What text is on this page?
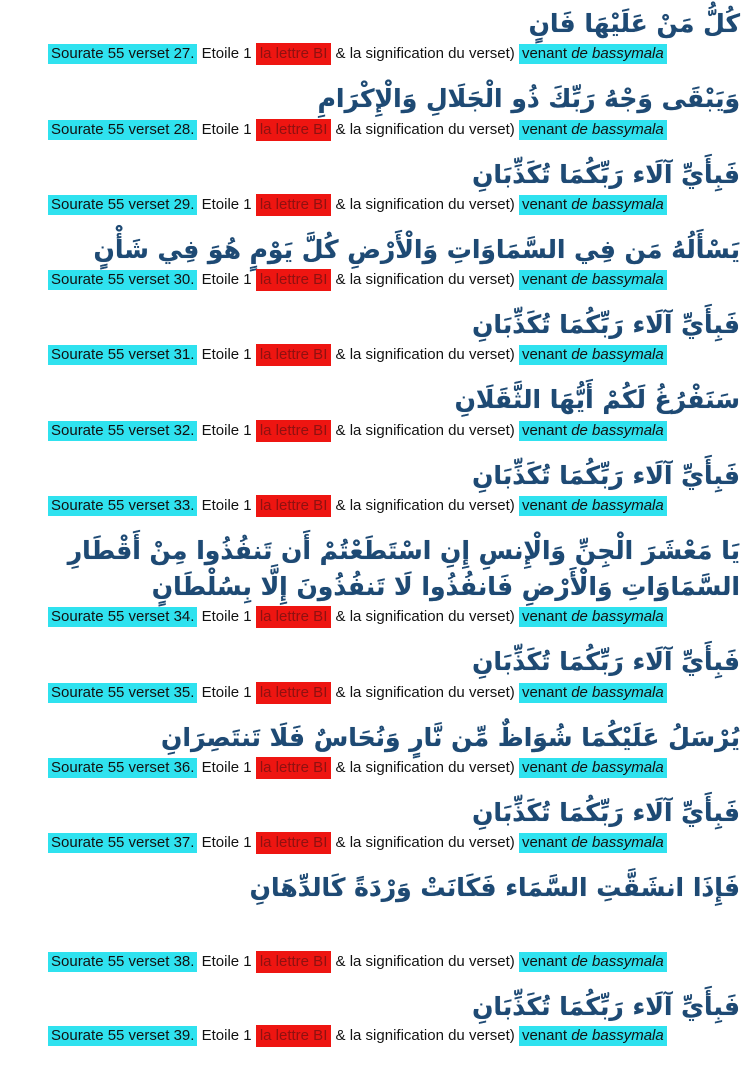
كُلُّ مَنْ عَلَيْهَا فَانٍ

Sourate 55 verset 27. Etoile 1 la lettre BI & la signification du verset) venant de bassymala

وَيَبْقَى وَجْهُ رَبِّكَ ذُو الْجَلَالِ وَالْإِكْرَامِ

Sourate 55 verset 28. Etoile 1 la lettre BI & la signification du verset) venant de bassymala

فَبِأَيِّ آلَاء رَبِّكُمَا تُكَذِّبَانِ

Sourate 55 verset 29. Etoile 1 la lettre BI & la signification du verset) venant de bassymala

يَسْأَلُهُ مَن فِي السَّمَاوَاتِ وَالْأَرْضِ كُلَّ يَوْمٍ هُوَ فِي شَأْنٍ

Sourate 55 verset 30. Etoile 1 la lettre BI & la signification du verset) venant de bassymala

فَبِأَيِّ آلَاء رَبِّكُمَا تُكَذِّبَانِ

Sourate 55 verset 31. Etoile 1 la lettre BI & la signification du verset) venant de bassymala

سَنَفْرُغُ لَكُمْ أَيُّهَا الثَّقَلَانِ

Sourate 55 verset 32. Etoile 1 la lettre BI & la signification du verset) venant de bassymala

فَبِأَيِّ آلَاء رَبِّكُمَا تُكَذِّبَانِ

Sourate 55 verset 33. Etoile 1 la lettre BI & la signification du verset) venant de bassymala

يَا مَعْشَرَ الْجِنِّ وَالْإِنسِ إِنِ اسْتَطَعْتُمْ أَن تَنفُذُوا مِنْ أَقْطَارِ السَّمَاوَاتِ وَالْأَرْضِ فَانفُذُوا لَا تَنفُذُونَ إِلَّا بِسُلْطَانٍ

Sourate 55 verset 34. Etoile 1 la lettre BI & la signification du verset) venant de bassymala

فَبِأَيِّ آلَاء رَبِّكُمَا تُكَذِّبَانِ

Sourate 55 verset 35. Etoile 1 la lettre BI & la signification du verset) venant de bassymala

يُرْسَلُ عَلَيْكُمَا شُوَاظٌ مِّن نَّارٍ وَنُحَاسٌ فَلَا تَنتَصِرَانِ

Sourate 55 verset 36. Etoile 1 la lettre BI & la signification du verset) venant de bassymala

فَبِأَيِّ آلَاء رَبِّكُمَا تُكَذِّبَانِ

Sourate 55 verset 37. Etoile 1 la lettre BI & la signification du verset) venant de bassymala

فَإِذَا انشَقَّتِ السَّمَاء فَكَانَتْ وَرْدَةً كَالدِّهَانِ

Sourate 55 verset 38. Etoile 1 la lettre BI & la signification du verset) venant de bassymala

فَبِأَيِّ آلَاء رَبِّكُمَا تُكَذِّبَانِ

Sourate 55 verset 39. Etoile 1 la lettre BI & la signification du verset) venant de bassymala
